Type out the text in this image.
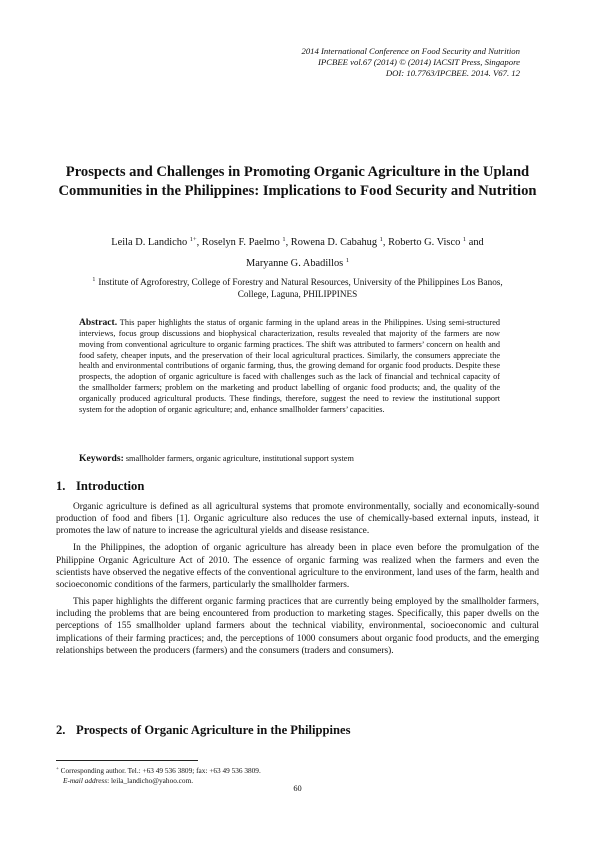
2014 International Conference on Food Security and Nutrition
IPCBEE vol.67 (2014) © (2014) IACSIT Press, Singapore
DOI: 10.7763/IPCBEE. 2014. V67. 12
Prospects and Challenges in Promoting Organic Agriculture in the Upland Communities in the Philippines: Implications to Food Security and Nutrition
Leila D. Landicho $^{1+}$, Roselyn F. Paelmo $^1$, Rowena D. Cabahug $^1$, Roberto G. Visco $^1$ and
Maryanne G. Abadillos $^1$
$^1$ Institute of Agroforestry, College of Forestry and Natural Resources, University of the Philippines Los Banos, College, Laguna, PHILIPPINES
Abstract. This paper highlights the status of organic farming in the upland areas in the Philippines. Using semi-structured interviews, focus group discussions and biophysical characterization, results revealed that majority of the farmers are now moving from conventional agriculture to organic farming practices. The shift was attributed to farmers’ concern on health and food safety, cheaper inputs, and the preservation of their local agricultural practices. Similarly, the consumers appreciate the health and environmental contributions of organic farming, thus, the growing demand for organic food products. Despite these prospects, the adoption of organic agriculture is faced with challenges such as the lack of financial and technical capacity of the smallholder farmers; problem on the marketing and product labelling of organic food products; and, the quality of the organically produced agricultural products. These findings, therefore, suggest the need to review the institutional support system for the adoption of organic agriculture; and, enhance smallholder farmers’ capacities.
Keywords: smallholder farmers, organic agriculture, institutional support system
1. Introduction

Organic agriculture is defined as all agricultural systems that promote environmentally, socially and economically-sound production of food and fibers [1]. Organic agriculture also reduces the use of chemically-based external inputs, instead, it promotes the law of nature to increase the agricultural yields and disease resistance.

In the Philippines, the adoption of organic agriculture has already been in place even before the promulgation of the Philippine Organic Agriculture Act of 2010. The essence of organic farming was realized when the farmers and even the scientists have observed the negative effects of the conventional agriculture to the environment, land uses of the farm, health and socioeconomic conditions of the farmers, particularly the smallholder farmers.

This paper highlights the different organic farming practices that are currently being employed by the smallholder farmers, including the problems that are being encountered from production to marketing stages. Specifically, this paper dwells on the perceptions of 155 smallholder upland farmers about the technical viability, environmental, socioeconomic and cultural implications of their farming practices; and, the perceptions of 1000 consumers about organic food products, and the emerging relationships between the producers (farmers) and the consumers (traders and consumers).

2. Prospects of Organic Agriculture in the Philippines
+ Corresponding author. Tel.: +63 49 536 3809; fax: +63 49 536 3809.
E-mail address: leila_landicho@yahoo.com.
60
